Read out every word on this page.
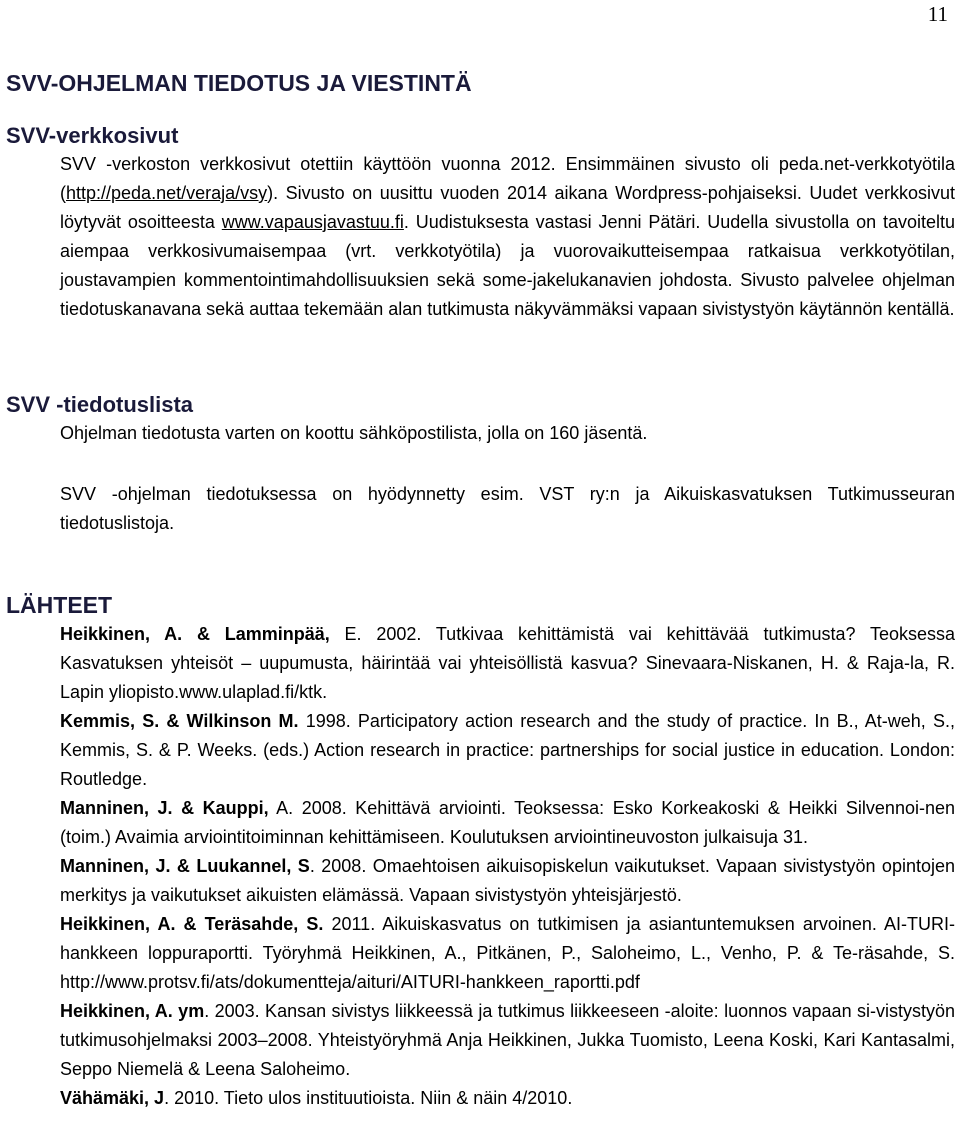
11
SVV-OHJELMAN TIEDOTUS JA VIESTINTÄ
SVV-verkkosivut

SVV -verkoston verkkosivut otettiin käyttöön vuonna 2012. Ensimmäinen sivusto oli peda.net-verkkotyötila (http://peda.net/veraja/vsy). Sivusto on uusittu vuoden 2014 aikana Wordpress-pohjaiseksi. Uudet verkkosivut löytyvät osoitteesta www.vapausjavastuu.fi. Uudistuksesta vastasi Jenni Pätäri. Uudella sivustolla on tavoiteltu aiempaa verkkosivumaisempaa (vrt. verkkotyötila) ja vuorovaikutteisempaa ratkaisua verkkotyötilan, joustavampien kommentointimahdollisuuksien sekä some-jakelukanavien johdosta. Sivusto palvelee ohjelman tiedotuskanavana sekä auttaa tekemään alan tutkimusta näkyvämmäksi vapaan sivistystyön käytännön kentällä.

SVV -tiedotuslista

Ohjelman tiedotusta varten on koottu sähköpostilista, jolla on 160 jäsentä.

SVV -ohjelman tiedotuksessa on hyödynnetty esim. VST ry:n ja Aikuiskasvatuksen Tutkimusseuran tiedotuslistoja.

LÄHTEET

Heikkinen, A. & Lamminpää, E. 2002. Tutkivaa kehittämistä vai kehittävää tutkimusta? Teoksessa Kasvatuksen yhteisöt – uupumusta, häirintää vai yhteisöllistä kasvua? Sinevaara-Niskanen, H. & Raja-la, R. Lapin yliopisto.www.ulaplad.fi/ktk.

Kemmis, S. & Wilkinson M. 1998. Participatory action research and the study of practice. In B., At-weh, S., Kemmis, S. & P. Weeks. (eds.) Action research in practice: partnerships for social justice in education. London: Routledge.

Manninen, J. & Kauppi, A. 2008. Kehittävä arviointi. Teoksessa: Esko Korkeakoski & Heikki Silvennoi-nen (toim.) Avaimia arviointitoiminnan kehittämiseen. Koulutuksen arviointineuvoston julkaisuja 31.

Manninen, J. & Luukannel, S. 2008. Omaehtoisen aikuisopiskelun vaikutukset. Vapaan sivistystyön opintojen merkitys ja vaikutukset aikuisten elämässä. Vapaan sivistystyön yhteisjärjestö.

Heikkinen, A. & Teräsahde, S. 2011. Aikuiskasvatus on tutkimisen ja asiantuntemuksen arvoinen. AI-TURI-hankkeen loppuraportti. Työryhmä Heikkinen, A., Pitkänen, P., Saloheimo, L., Venho, P. & Te-räsahde, S. http://www.protsv.fi/ats/dokumentteja/aituri/AITURI-hankkeen_raportti.pdf

Heikkinen, A. ym. 2003. Kansan sivistys liikkeessä ja tutkimus liikkeeseen -aloite: luonnos vapaan si-vistystyön tutkimusohjelmaksi 2003–2008. Yhteistyöryhmä Anja Heikkinen, Jukka Tuomisto, Leena Koski, Kari Kantasalmi, Seppo Niemelä & Leena Saloheimo.

Vähämäki, J. 2010. Tieto ulos instituutioista. Niin & näin 4/2010.
